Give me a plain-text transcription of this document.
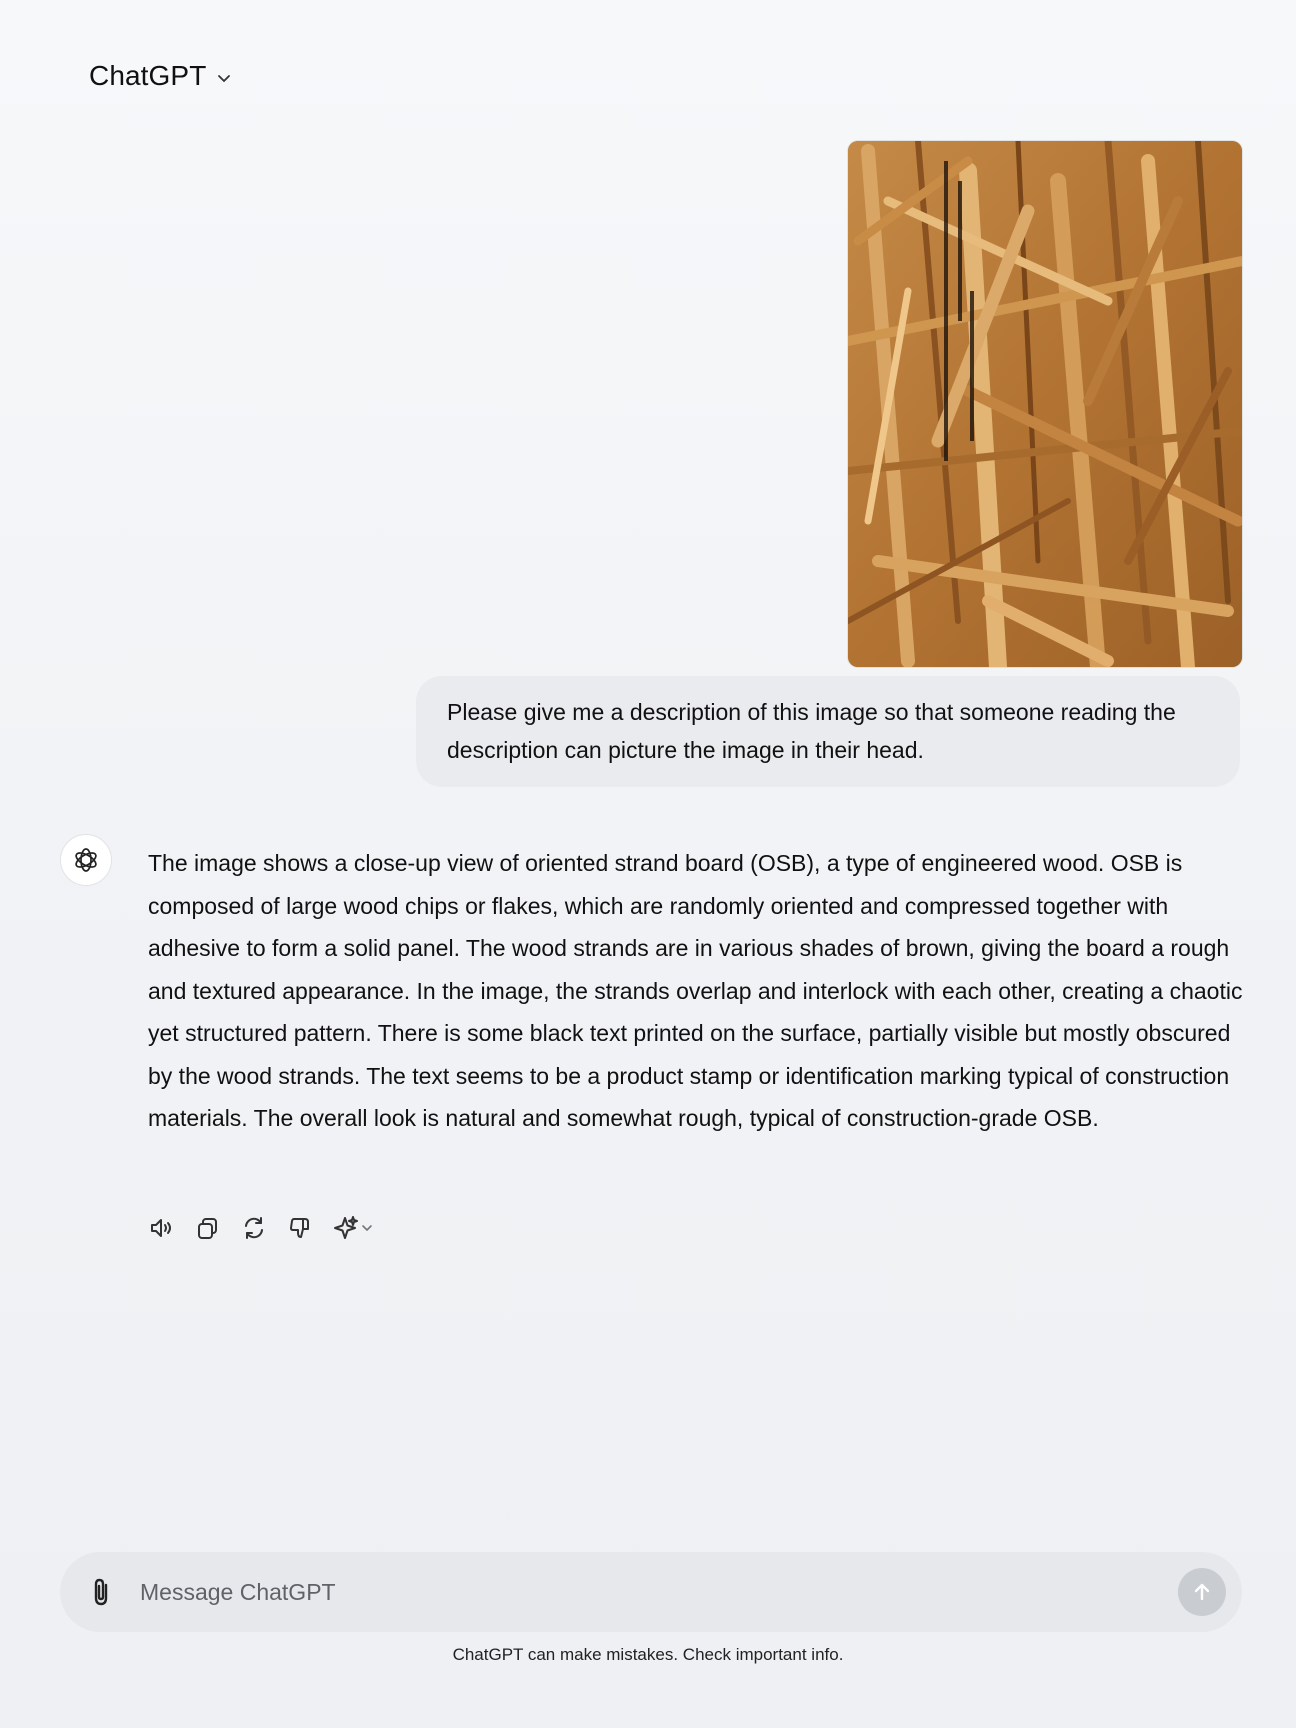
ChatGPT
Please give me a description of this image so that someone reading the description can picture the image in their head.
The image shows a close-up view of oriented strand board (OSB), a type of engineered wood. OSB is composed of large wood chips or flakes, which are randomly oriented and compressed together with adhesive to form a solid panel. The wood strands are in various shades of brown, giving the board a rough and textured appearance. In the image, the strands overlap and interlock with each other, creating a chaotic yet structured pattern. There is some black text printed on the surface, partially visible but mostly obscured by the wood strands. The text seems to be a product stamp or identification marking typical of construction materials. The overall look is natural and somewhat rough, typical of construction-grade OSB.
Message ChatGPT
ChatGPT can make mistakes. Check important info.
